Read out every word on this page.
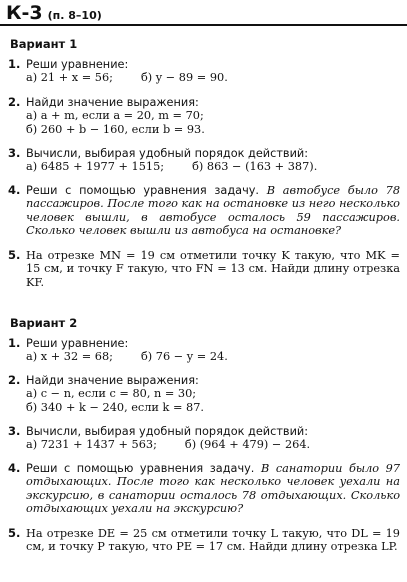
К-3 (п. 8–10)
Вариант 1
1. Реши уравнение:
а) 21 + x = 56; б) y − 89 = 90.
2. Найди значение выражения:
а) a + m, если a = 20, m = 70;
б) 260 + b − 160, если b = 93.
3. Вычисли, выбирая удобный порядок действий:
а) 6485 + 1977 + 1515; б) 863 − (163 + 387).
4. Реши с помощью уравнения задачу. В автобусе было 78 пассажиров. После того как на остановке из него несколько человек вышли, в автобусе осталось 59 пассажиров. Сколько человек вышли из автобуса на остановке?

5. На отрезке MN = 19 см отметили точку K такую, что MK = 15 см, и точку F такую, что FN = 13 см. Найди длину отрезка KF.

Вариант 2
1. Реши уравнение:
а) x + 32 = 68; б) 76 − y = 24.
2. Найди значение выражения:
а) c − n, если c = 80, n = 30;
б) 340 + k − 240, если k = 87.
3. Вычисли, выбирая удобный порядок действий:
а) 7231 + 1437 + 563; б) (964 + 479) − 264.
4. Реши с помощью уравнения задачу. В санатории было 97 отдыхающих. После того как несколько человек уехали на экскурсию, в санатории осталось 78 отдыхающих. Сколько отдыхающих уехали на экскурсию?

5. На отрезке DE = 25 см отметили точку L такую, что DL = 19 см, и точку P такую, что PE = 17 см. Найди длину отрезка LP.
